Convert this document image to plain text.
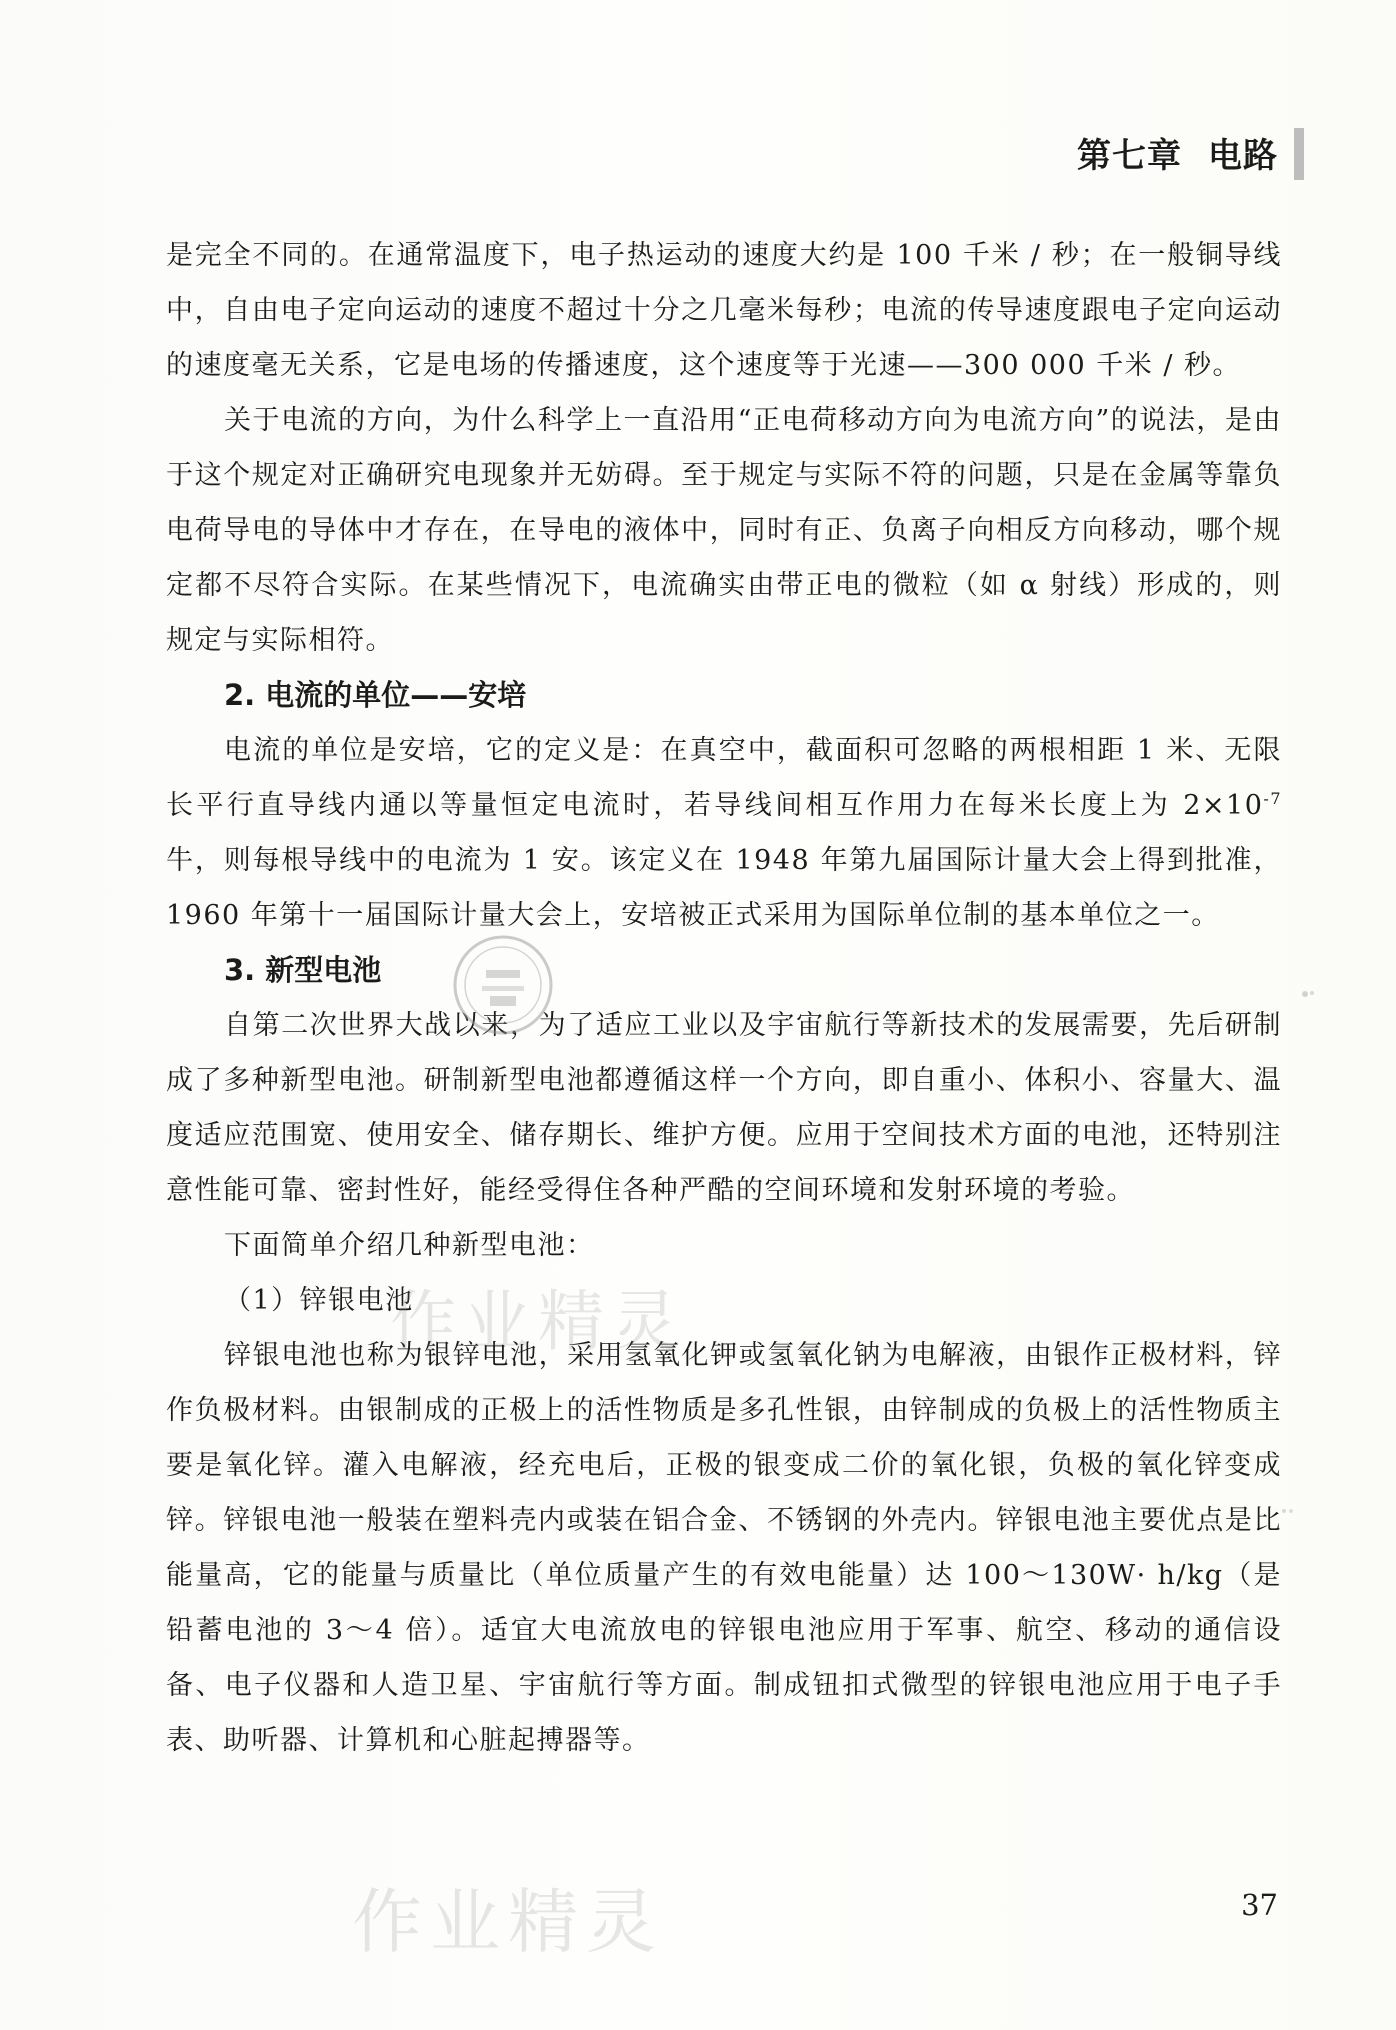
第七章 电路

是完全不同的。在通常温度下，电子热运动的速度大约是 100 千米 / 秒；在一般铜导线中，自由电子定向运动的速度不超过十分之几毫米每秒；电流的传导速度跟电子定向运动的速度毫无关系，它是电场的传播速度，这个速度等于光速——300 000 千米 / 秒。

关于电流的方向，为什么科学上一直沿用“正电荷移动方向为电流方向”的说法，是由于这个规定对正确研究电现象并无妨碍。至于规定与实际不符的问题，只是在金属等靠负电荷导电的导体中才存在，在导电的液体中，同时有正、负离子向相反方向移动，哪个规定都不尽符合实际。在某些情况下，电流确实由带正电的微粒（如 α 射线）形成的，则规定与实际相符。

2. 电流的单位——安培

电流的单位是安培，它的定义是：在真空中，截面积可忽略的两根相距 1 米、无限长平行直导线内通以等量恒定电流时，若导线间相互作用力在每米长度上为 $2\times 10^{-7}$ 牛，则每根导线中的电流为 1 安。该定义在 1948 年第九届国际计量大会上得到批准，1960 年第十一届国际计量大会上，安培被正式采用为国际单位制的基本单位之一。

3. 新型电池

自第二次世界大战以来，为了适应工业以及宇宙航行等新技术的发展需要，先后研制成了多种新型电池。研制新型电池都遵循这样一个方向，即自重小、体积小、容量大、温度适应范围宽、使用安全、储存期长、维护方便。应用于空间技术方面的电池，还特别注意性能可靠、密封性好，能经受得住各种严酷的空间环境和发射环境的考验。

下面简单介绍几种新型电池：

（1）锌银电池

锌银电池也称为银锌电池，采用氢氧化钾或氢氧化钠为电解液，由银作正极材料，锌作负极材料。由银制成的正极上的活性物质是多孔性银，由锌制成的负极上的活性物质主要是氧化锌。灌入电解液，经充电后，正极的银变成二价的氧化银，负极的氧化锌变成锌。锌银电池一般装在塑料壳内或装在铝合金、不锈钢的外壳内。锌银电池主要优点是比能量高，它的能量与质量比（单位质量产生的有效电能量）达 100～130W· h/kg（是铅蓄电池的 3～4 倍）。适宜大电流放电的锌银电池应用于军事、航空、移动的通信设备、电子仪器和人造卫星、宇宙航行等方面。制成钮扣式微型的锌银电池应用于电子手表、助听器、计算机和心脏起搏器等。

作业精灵
作业精灵	37
